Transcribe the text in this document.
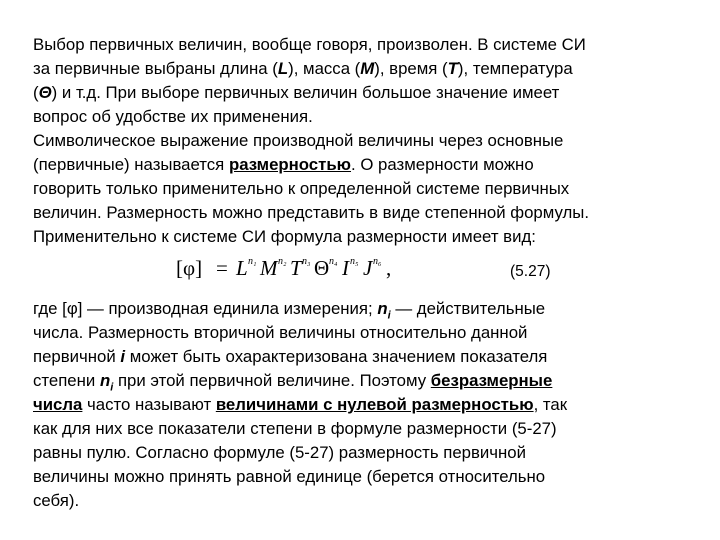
Выбор первичных величин, вообще говоря, произволен. В системе СИ
за первичные выбраны длина (L), масса (M), время (T), температура
(Θ) и т.д. При выборе первичных величин большое значение имеет
вопрос об удобстве их применения.
Символическое выражение производной величины через основные
(первичные) называется размерностью. О размерности можно
говорить только применительно к определенной системе первичных
величин. Размерность можно представить в виде степенной формулы.
Применительно к системе СИ формула размерности имеет вид:
[φ] = L n₁ M n₂ T n₃ Θ n₄ I n₅ J n₆ ,	(5.27)
где [φ] — производная единила измерения; $n_i$ — действительные
числа. Размерность вторичной величины относительно данной
первичной i может быть охарактеризована значением показателя
степени $n_i$ при этой первичной величине. Поэтому безразмерные
числа часто называют величинами с нулевой размерностью, так
как для них все показатели степени в формуле размерности (5-27)
равны пулю. Согласно формуле (5-27) размерность первичной
величины можно принять равной единице (берется относительно
себя).
